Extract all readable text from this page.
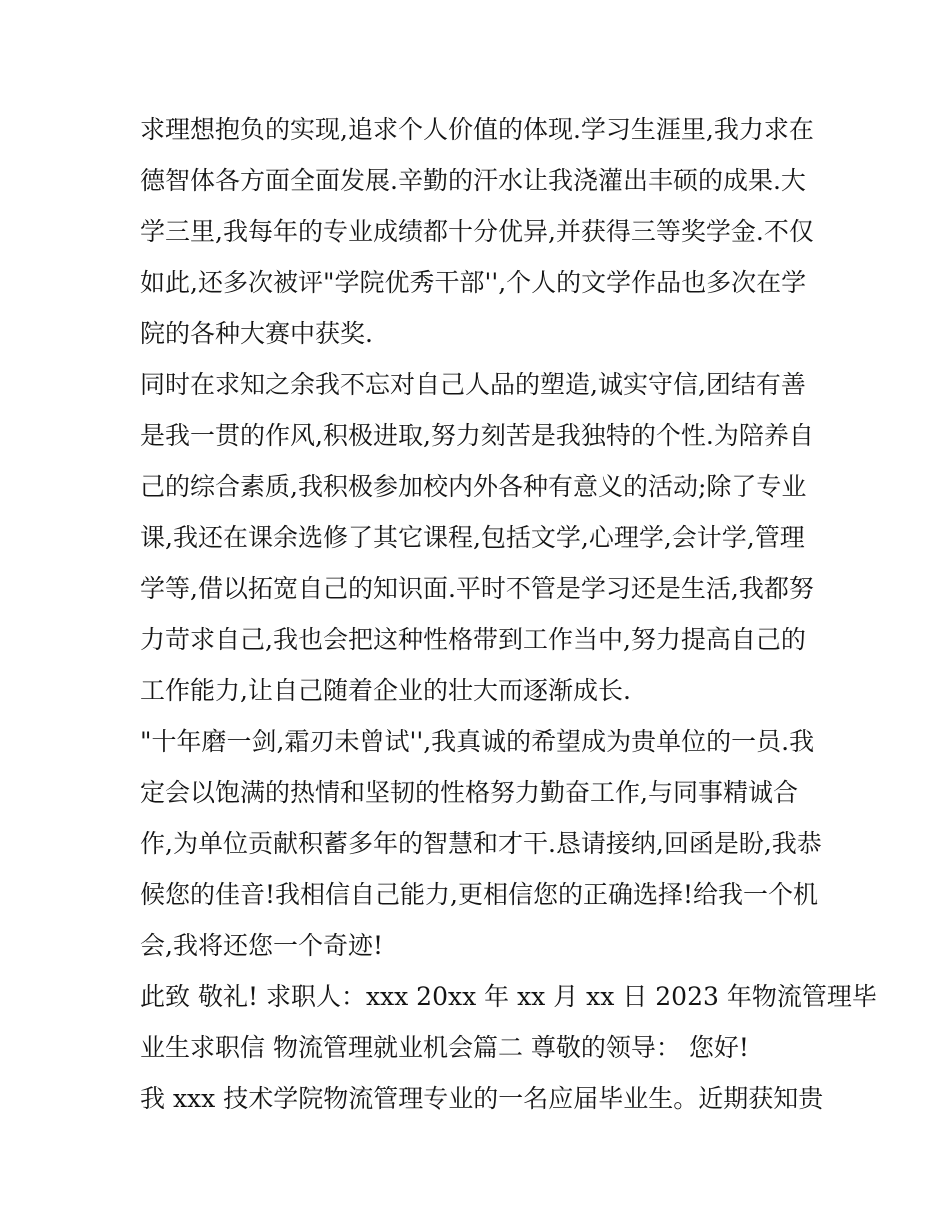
求理想抱负的实现,追求个人价值的体现.学习生涯里,我力求在
德智体各方面全面发展.辛勤的汗水让我浇灌出丰硕的成果.大
学三里,我每年的专业成绩都十分优异,并获得三等奖学金.不仅
如此,还多次被评"学院优秀干部'',个人的文学作品也多次在学
院的各种大赛中获奖.
同时在求知之余我不忘对自己人品的塑造,诚实守信,团结有善
是我一贯的作风,积极进取,努力刻苦是我独特的个性.为陪养自
己的综合素质,我积极参加校内外各种有意义的活动;除了专业
课,我还在课余选修了其它课程,包括文学,心理学,会计学,管理
学等,借以拓宽自己的知识面.平时不管是学习还是生活,我都努
力苛求自己,我也会把这种性格带到工作当中,努力提高自己的
工作能力,让自己随着企业的壮大而逐渐成长.
"十年磨一剑,霜刃未曾试'',我真诚的希望成为贵单位的一员.我
定会以饱满的热情和坚韧的性格努力勤奋工作,与同事精诚合
作,为单位贡献积蓄多年的智慧和才干.恳请接纳,回函是盼,我恭
候您的佳音!我相信自己能力,更相信您的正确选择!给我一个机
会,我将还您一个奇迹!
此致 敬礼! 求职人：xxx 20xx 年 xx 月 xx 日 2023 年物流管理毕
业生求职信 物流管理就业机会篇二 尊敬的领导： 您好!
我 xxx 技术学院物流管理专业的一名应届毕业生。近期获知贵
